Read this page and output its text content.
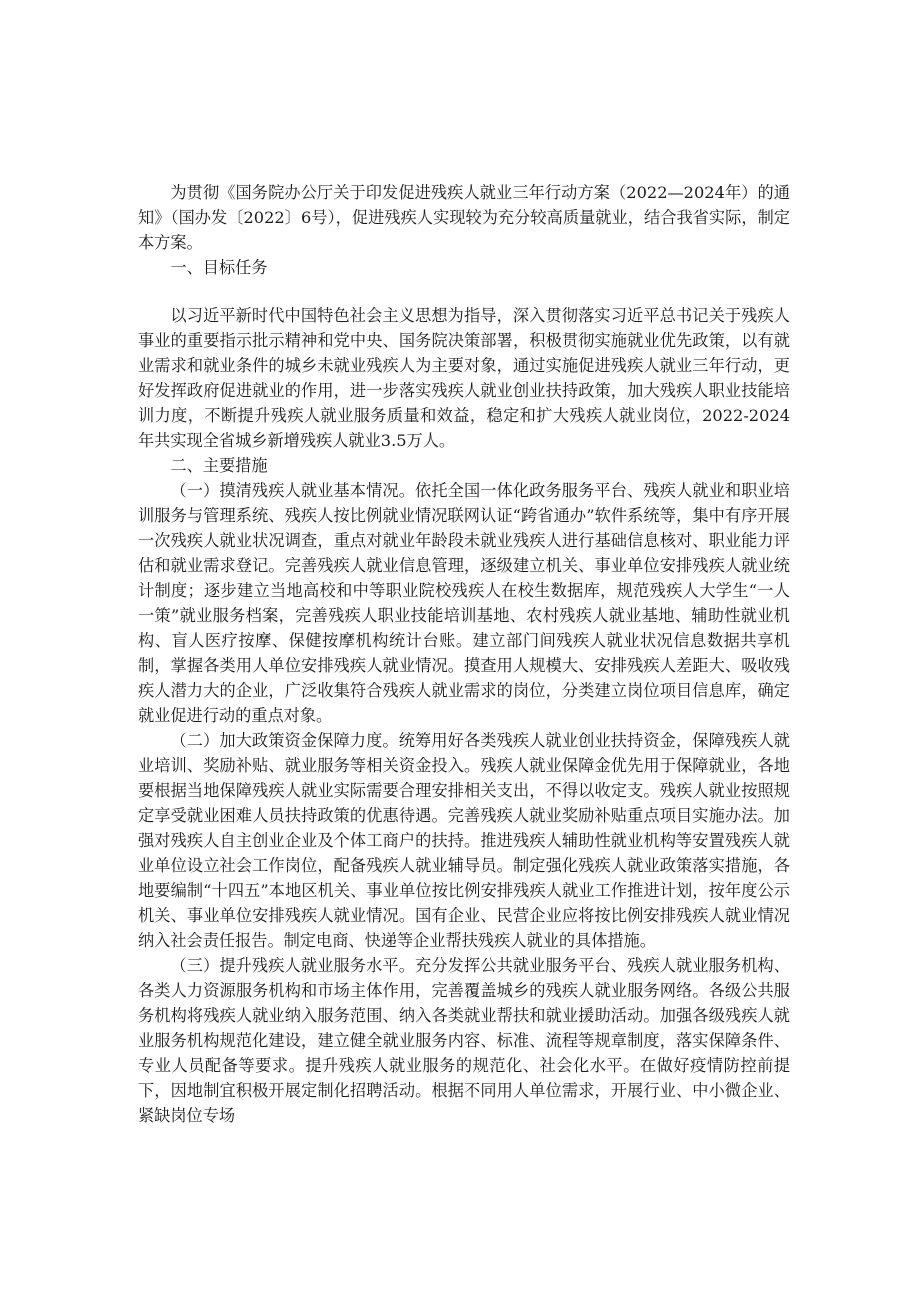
为贯彻《国务院办公厅关于印发促进残疾人就业三年行动方案（2022—2024年）的通知》（国办发〔2022〕6号），促进残疾人实现较为充分较高质量就业，结合我省实际，制定本方案。

一、目标任务

以习近平新时代中国特色社会主义思想为指导，深入贯彻落实习近平总书记关于残疾人事业的重要指示批示精神和党中央、国务院决策部署，积极贯彻实施就业优先政策，以有就业需求和就业条件的城乡未就业残疾人为主要对象，通过实施促进残疾人就业三年行动，更好发挥政府促进就业的作用，进一步落实残疾人就业创业扶持政策，加大残疾人职业技能培训力度，不断提升残疾人就业服务质量和效益，稳定和扩大残疾人就业岗位，2022-2024年共实现全省城乡新增残疾人就业3.5万人。

二、主要措施

（一）摸清残疾人就业基本情况。依托全国一体化政务服务平台、残疾人就业和职业培训服务与管理系统、残疾人按比例就业情况联网认证“跨省通办”软件系统等，集中有序开展一次残疾人就业状况调查，重点对就业年龄段未就业残疾人进行基础信息核对、职业能力评估和就业需求登记。完善残疾人就业信息管理，逐级建立机关、事业单位安排残疾人就业统计制度；逐步建立当地高校和中等职业院校残疾人在校生数据库，规范残疾人大学生“一人一策”就业服务档案，完善残疾人职业技能培训基地、农村残疾人就业基地、辅助性就业机构、盲人医疗按摩、保健按摩机构统计台账。建立部门间残疾人就业状况信息数据共享机制，掌握各类用人单位安排残疾人就业情况。摸查用人规模大、安排残疾人差距大、吸收残疾人潜力大的企业，广泛收集符合残疾人就业需求的岗位，分类建立岗位项目信息库，确定就业促进行动的重点对象。

（二）加大政策资金保障力度。统筹用好各类残疾人就业创业扶持资金，保障残疾人就业培训、奖励补贴、就业服务等相关资金投入。残疾人就业保障金优先用于保障就业，各地要根据当地保障残疾人就业实际需要合理安排相关支出，不得以收定支。残疾人就业按照规定享受就业困难人员扶持政策的优惠待遇。完善残疾人就业奖励补贴重点项目实施办法。加强对残疾人自主创业企业及个体工商户的扶持。推进残疾人辅助性就业机构等安置残疾人就业单位设立社会工作岗位，配备残疾人就业辅导员。制定强化残疾人就业政策落实措施，各地要编制“十四五”本地区机关、事业单位按比例安排残疾人就业工作推进计划，按年度公示机关、事业单位安排残疾人就业情况。国有企业、民营企业应将按比例安排残疾人就业情况纳入社会责任报告。制定电商、快递等企业帮扶残疾人就业的具体措施。

（三）提升残疾人就业服务水平。充分发挥公共就业服务平台、残疾人就业服务机构、各类人力资源服务机构和市场主体作用，完善覆盖城乡的残疾人就业服务网络。各级公共服务机构将残疾人就业纳入服务范围、纳入各类就业帮扶和就业援助活动。加强各级残疾人就业服务机构规范化建设，建立健全就业服务内容、标准、流程等规章制度，落实保障条件、专业人员配备等要求。提升残疾人就业服务的规范化、社会化水平。在做好疫情防控前提下，因地制宜积极开展定制化招聘活动。根据不同用人单位需求，开展行业、中小微企业、紧缺岗位专场
